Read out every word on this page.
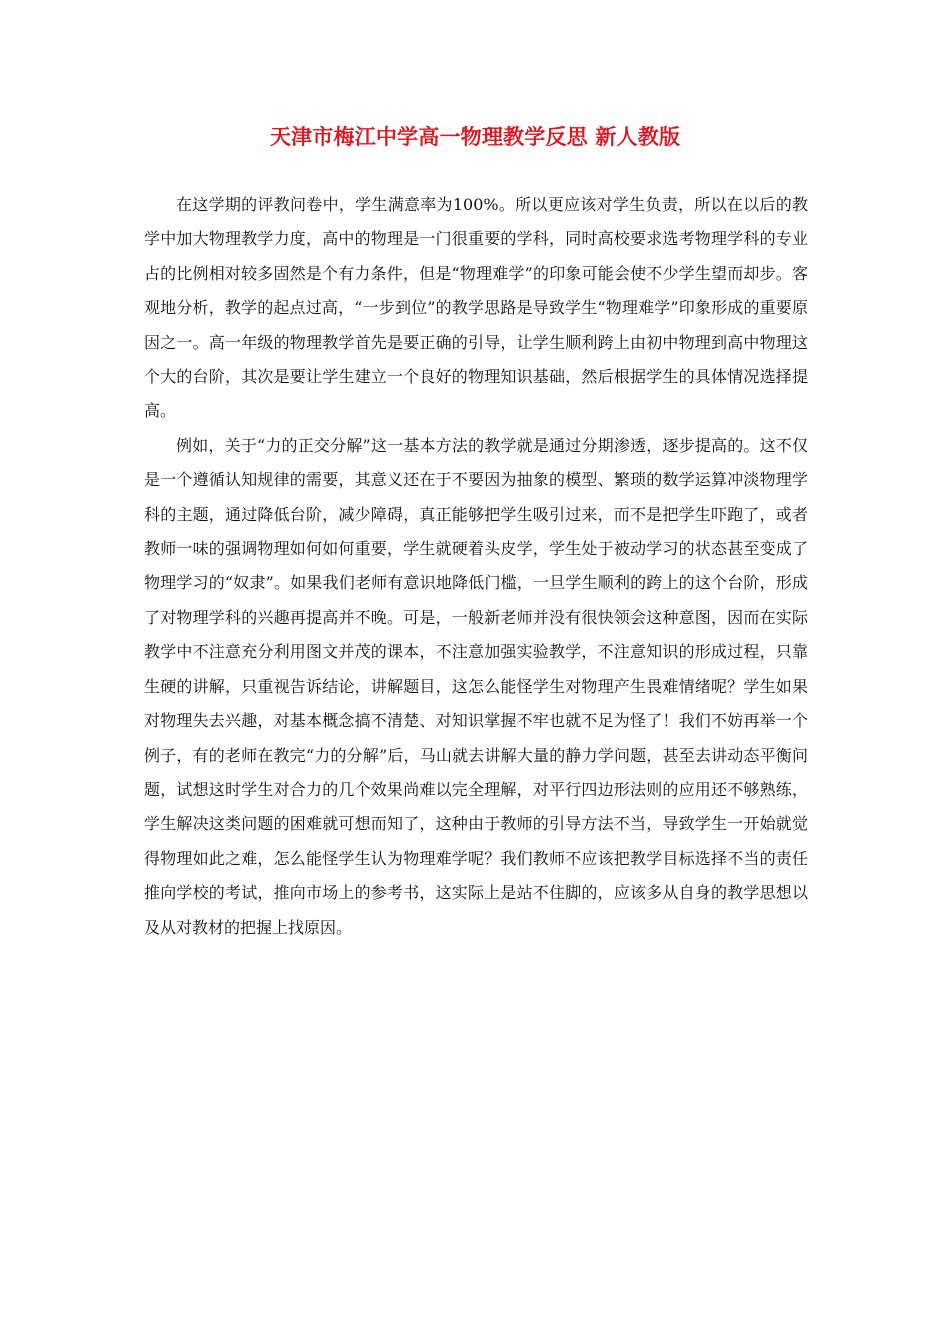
天津市梅江中学高一物理教学反思 新人教版

在这学期的评教问卷中，学生满意率为100%。所以更应该对学生负责，所以在以后的教学中加大物理教学力度，高中的物理是一门很重要的学科，同时高校要求选考物理学科的专业占的比例相对较多固然是个有力条件，但是“物理难学”的印象可能会使不少学生望而却步。客观地分析，教学的起点过高，“一步到位”的教学思路是导致学生“物理难学”印象形成的重要原因之一。高一年级的物理教学首先是要正确的引导，让学生顺利跨上由初中物理到高中物理这个大的台阶，其次是要让学生建立一个良好的物理知识基础，然后根据学生的具体情况选择提高。

例如，关于“力的正交分解”这一基本方法的教学就是通过分期渗透，逐步提高的。这不仅是一个遵循认知规律的需要，其意义还在于不要因为抽象的模型、繁琐的数学运算冲淡物理学科的主题，通过降低台阶，减少障碍，真正能够把学生吸引过来，而不是把学生吓跑了，或者教师一味的强调物理如何如何重要，学生就硬着头皮学，学生处于被动学习的状态甚至变成了物理学习的“奴隶”。如果我们老师有意识地降低门槛，一旦学生顺利的跨上的这个台阶，形成了对物理学科的兴趣再提高并不晚。可是，一般新老师并没有很快领会这种意图，因而在实际教学中不注意充分利用图文并茂的课本，不注意加强实验教学，不注意知识的形成过程，只靠生硬的讲解，只重视告诉结论，讲解题目，这怎么能怪学生对物理产生畏难情绪呢？学生如果对物理失去兴趣，对基本概念搞不清楚、对知识掌握不牢也就不足为怪了！我们不妨再举一个例子，有的老师在教完“力的分解”后，马山就去讲解大量的静力学问题，甚至去讲动态平衡问题，试想这时学生对合力的几个效果尚难以完全理解，对平行四边形法则的应用还不够熟练，学生解决这类问题的困难就可想而知了，这种由于教师的引导方法不当，导致学生一开始就觉得物理如此之难，怎么能怪学生认为物理难学呢？我们教师不应该把教学目标选择不当的责任推向学校的考试，推向市场上的参考书，这实际上是站不住脚的，应该多从自身的教学思想以及从对教材的把握上找原因。
